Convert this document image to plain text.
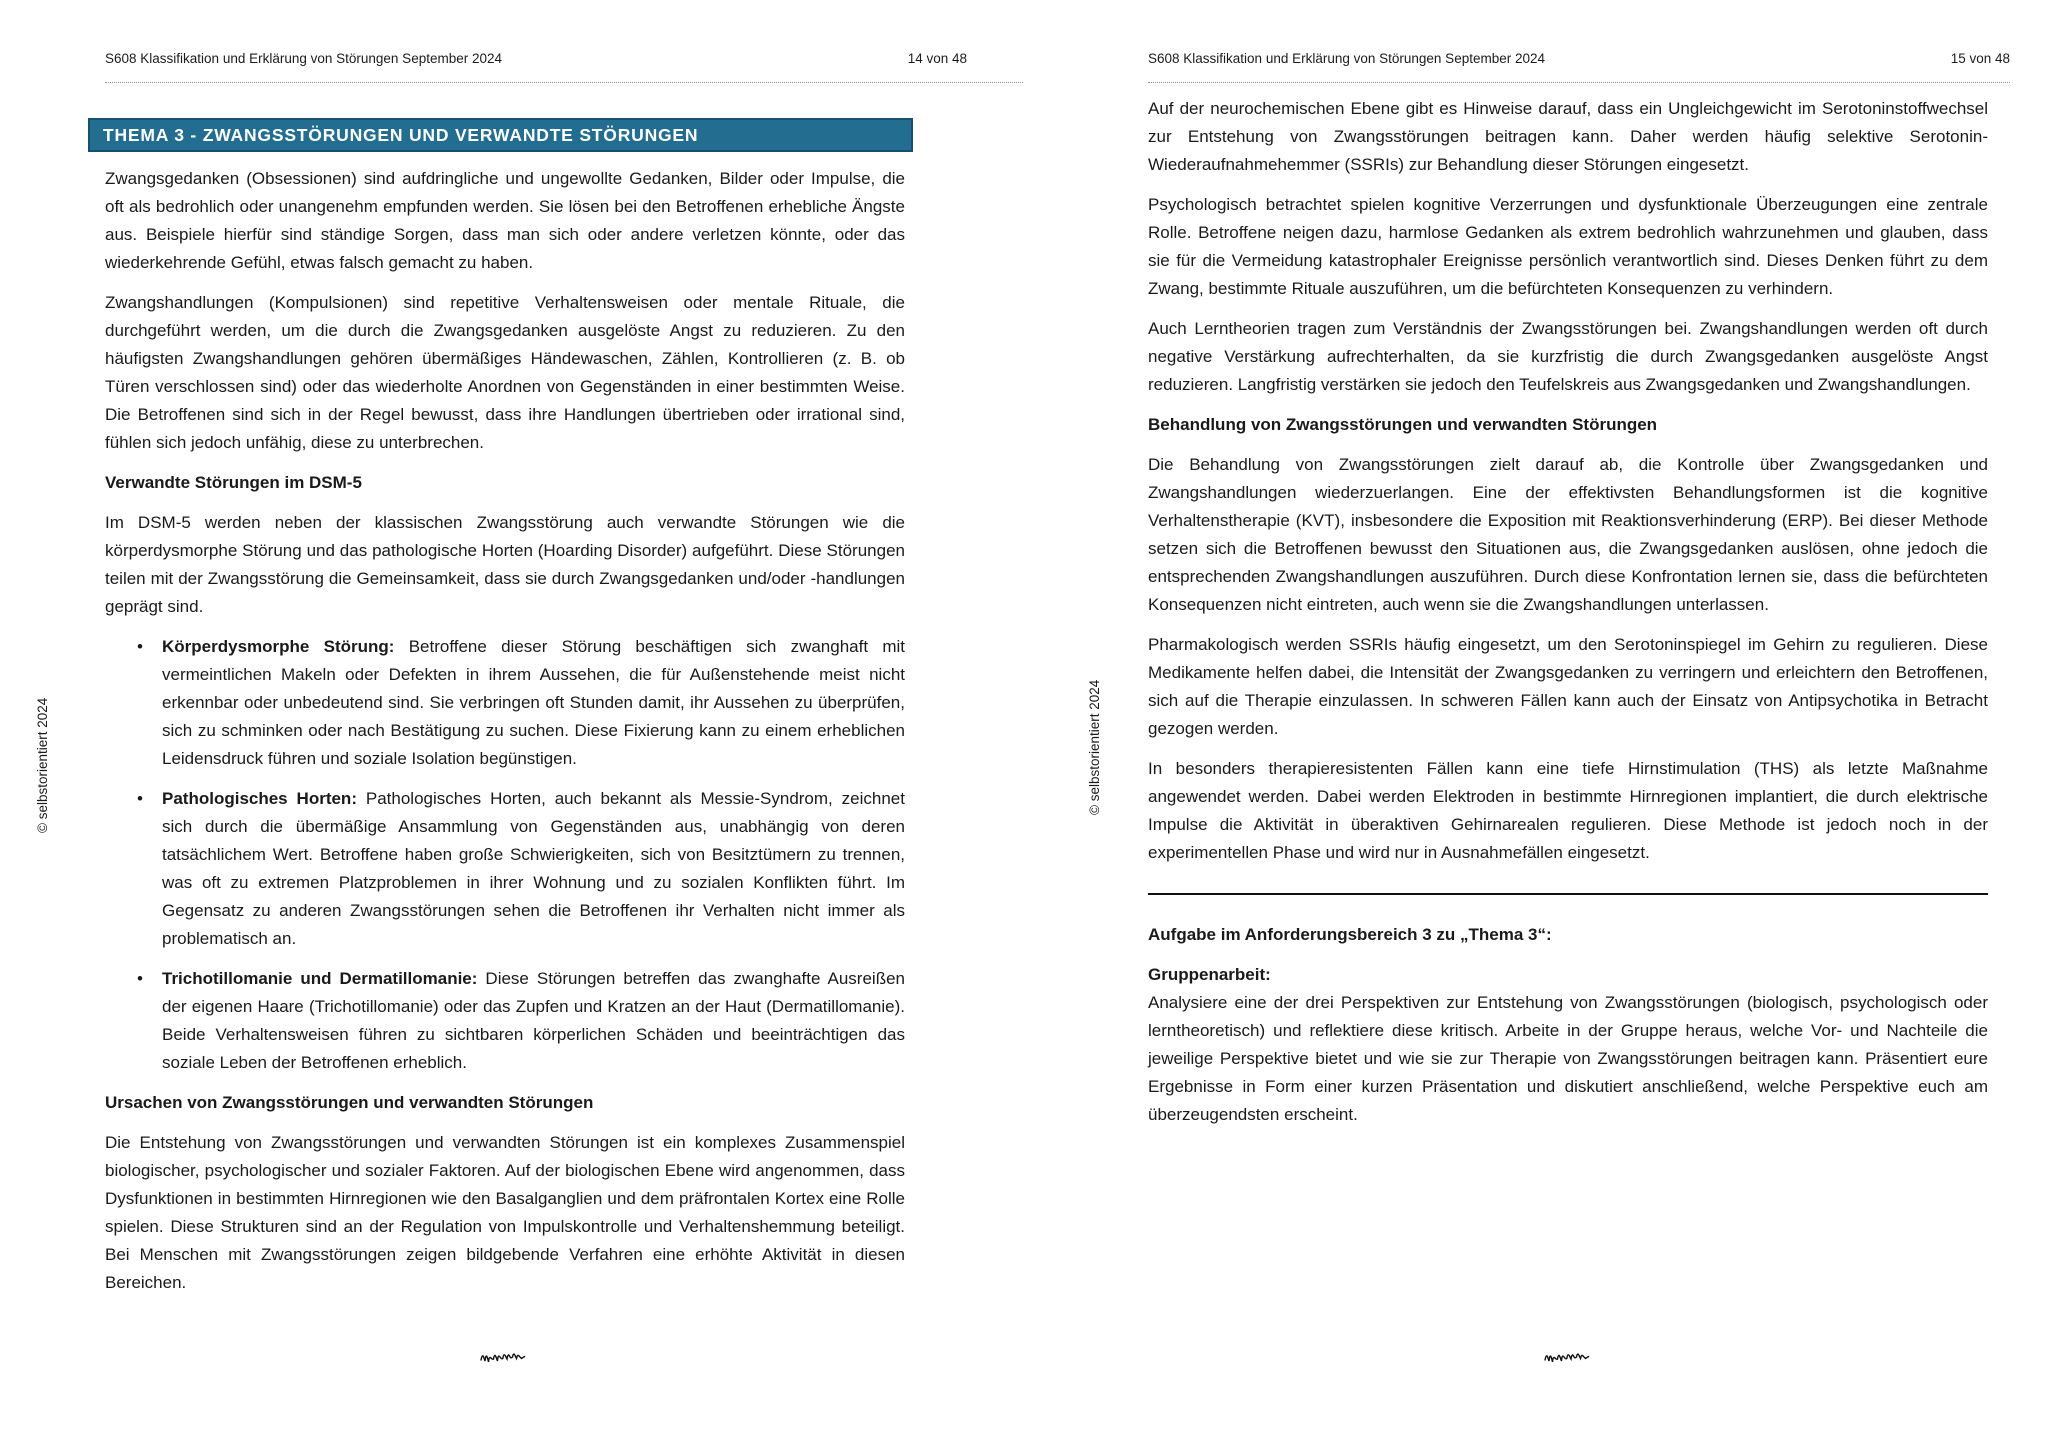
S608 Klassifikation und Erklärung von Störungen September 2024	14 von 48
THEMA 3 - ZWANGSSTÖRUNGEN UND VERWANDTE STÖRUNGEN

Zwangsgedanken (Obsessionen) sind aufdringliche und ungewollte Gedanken, Bilder oder Impulse, die oft als bedrohlich oder unangenehm empfunden werden. Sie lösen bei den Betroffenen erhebliche Ängste aus. Beispiele hierfür sind ständige Sorgen, dass man sich oder andere verletzen könnte, oder das wiederkehrende Gefühl, etwas falsch gemacht zu haben.

Zwangshandlungen (Kompulsionen) sind repetitive Verhaltensweisen oder mentale Rituale, die durchgeführt werden, um die durch die Zwangsgedanken ausgelöste Angst zu reduzieren. Zu den häufigsten Zwangshandlungen gehören übermäßiges Händewaschen, Zählen, Kontrollieren (z. B. ob Türen verschlossen sind) oder das wiederholte Anordnen von Gegenständen in einer bestimmten Weise. Die Betroffenen sind sich in der Regel bewusst, dass ihre Handlungen übertrieben oder irrational sind, fühlen sich jedoch unfähig, diese zu unterbrechen.

Verwandte Störungen im DSM-5

Im DSM-5 werden neben der klassischen Zwangsstörung auch verwandte Störungen wie die körperdysmorphe Störung und das pathologische Horten (Hoarding Disorder) aufgeführt. Diese Störungen teilen mit der Zwangsstörung die Gemeinsamkeit, dass sie durch Zwangsgedanken und/oder -handlungen geprägt sind.

• Körperdysmorphe Störung: Betroffene dieser Störung beschäftigen sich zwanghaft mit vermeintlichen Makeln oder Defekten in ihrem Aussehen, die für Außenstehende meist nicht erkennbar oder unbedeutend sind. Sie verbringen oft Stunden damit, ihr Aussehen zu überprüfen, sich zu schminken oder nach Bestätigung zu suchen. Diese Fixierung kann zu einem erheblichen Leidensdruck führen und soziale Isolation begünstigen.
• Pathologisches Horten: Pathologisches Horten, auch bekannt als Messie-Syndrom, zeichnet sich durch die übermäßige Ansammlung von Gegenständen aus, unabhängig von deren tatsächlichem Wert. Betroffene haben große Schwierigkeiten, sich von Besitztümern zu trennen, was oft zu extremen Platzproblemen in ihrer Wohnung und zu sozialen Konflikten führt. Im Gegensatz zu anderen Zwangsstörungen sehen die Betroffenen ihr Verhalten nicht immer als problematisch an.
• Trichotillomanie und Dermatillomanie: Diese Störungen betreffen das zwanghafte Ausreißen der eigenen Haare (Trichotillomanie) oder das Zupfen und Kratzen an der Haut (Dermatillomanie). Beide Verhaltensweisen führen zu sichtbaren körperlichen Schäden und beeinträchtigen das soziale Leben der Betroffenen erheblich.
Ursachen von Zwangsstörungen und verwandten Störungen

Die Entstehung von Zwangsstörungen und verwandten Störungen ist ein komplexes Zusammenspiel biologischer, psychologischer und sozialer Faktoren. Auf der biologischen Ebene wird angenommen, dass Dysfunktionen in bestimmten Hirnregionen wie den Basalganglien und dem präfrontalen Kortex eine Rolle spielen. Diese Strukturen sind an der Regulation von Impulskontrolle und Verhaltenshemmung beteiligt. Bei Menschen mit Zwangsstörungen zeigen bildgebende Verfahren eine erhöhte Aktivität in diesen Bereichen.

© selbstorientiert 2024
S608 Klassifikation und Erklärung von Störungen September 2024	15 von 48

Auf der neurochemischen Ebene gibt es Hinweise darauf, dass ein Ungleichgewicht im Serotoninstoffwechsel zur Entstehung von Zwangsstörungen beitragen kann. Daher werden häufig selektive Serotonin-Wiederaufnahmehemmer (SSRIs) zur Behandlung dieser Störungen eingesetzt.

Psychologisch betrachtet spielen kognitive Verzerrungen und dysfunktionale Überzeugungen eine zentrale Rolle. Betroffene neigen dazu, harmlose Gedanken als extrem bedrohlich wahrzunehmen und glauben, dass sie für die Vermeidung katastrophaler Ereignisse persönlich verantwortlich sind. Dieses Denken führt zu dem Zwang, bestimmte Rituale auszuführen, um die befürchteten Konsequenzen zu verhindern.

Auch Lerntheorien tragen zum Verständnis der Zwangsstörungen bei. Zwangshandlungen werden oft durch negative Verstärkung aufrechterhalten, da sie kurzfristig die durch Zwangsgedanken ausgelöste Angst reduzieren. Langfristig verstärken sie jedoch den Teufelskreis aus Zwangsgedanken und Zwangshandlungen.

Behandlung von Zwangsstörungen und verwandten Störungen

Die Behandlung von Zwangsstörungen zielt darauf ab, die Kontrolle über Zwangsgedanken und Zwangshandlungen wiederzuerlangen. Eine der effektivsten Behandlungsformen ist die kognitive Verhaltenstherapie (KVT), insbesondere die Exposition mit Reaktionsverhinderung (ERP). Bei dieser Methode setzen sich die Betroffenen bewusst den Situationen aus, die Zwangsgedanken auslösen, ohne jedoch die entsprechenden Zwangshandlungen auszuführen. Durch diese Konfrontation lernen sie, dass die befürchteten Konsequenzen nicht eintreten, auch wenn sie die Zwangshandlungen unterlassen.

Pharmakologisch werden SSRIs häufig eingesetzt, um den Serotoninspiegel im Gehirn zu regulieren. Diese Medikamente helfen dabei, die Intensität der Zwangsgedanken zu verringern und erleichtern den Betroffenen, sich auf die Therapie einzulassen. In schweren Fällen kann auch der Einsatz von Antipsychotika in Betracht gezogen werden.

In besonders therapieresistenten Fällen kann eine tiefe Hirnstimulation (THS) als letzte Maßnahme angewendet werden. Dabei werden Elektroden in bestimmte Hirnregionen implantiert, die durch elektrische Impulse die Aktivität in überaktiven Gehirnarealen regulieren. Diese Methode ist jedoch noch in der experimentellen Phase und wird nur in Ausnahmefällen eingesetzt.

Aufgabe im Anforderungsbereich 3 zu „Thema 3“:
Gruppenarbeit:

Analysiere eine der drei Perspektiven zur Entstehung von Zwangsstörungen (biologisch, psychologisch oder lerntheoretisch) und reflektiere diese kritisch. Arbeite in der Gruppe heraus, welche Vor- und Nachteile die jeweilige Perspektive bietet und wie sie zur Therapie von Zwangsstörungen beitragen kann. Präsentiert eure Ergebnisse in Form einer kurzen Präsentation und diskutiert anschließend, welche Perspektive euch am überzeugendsten erscheint.

© selbstorientiert 2024
